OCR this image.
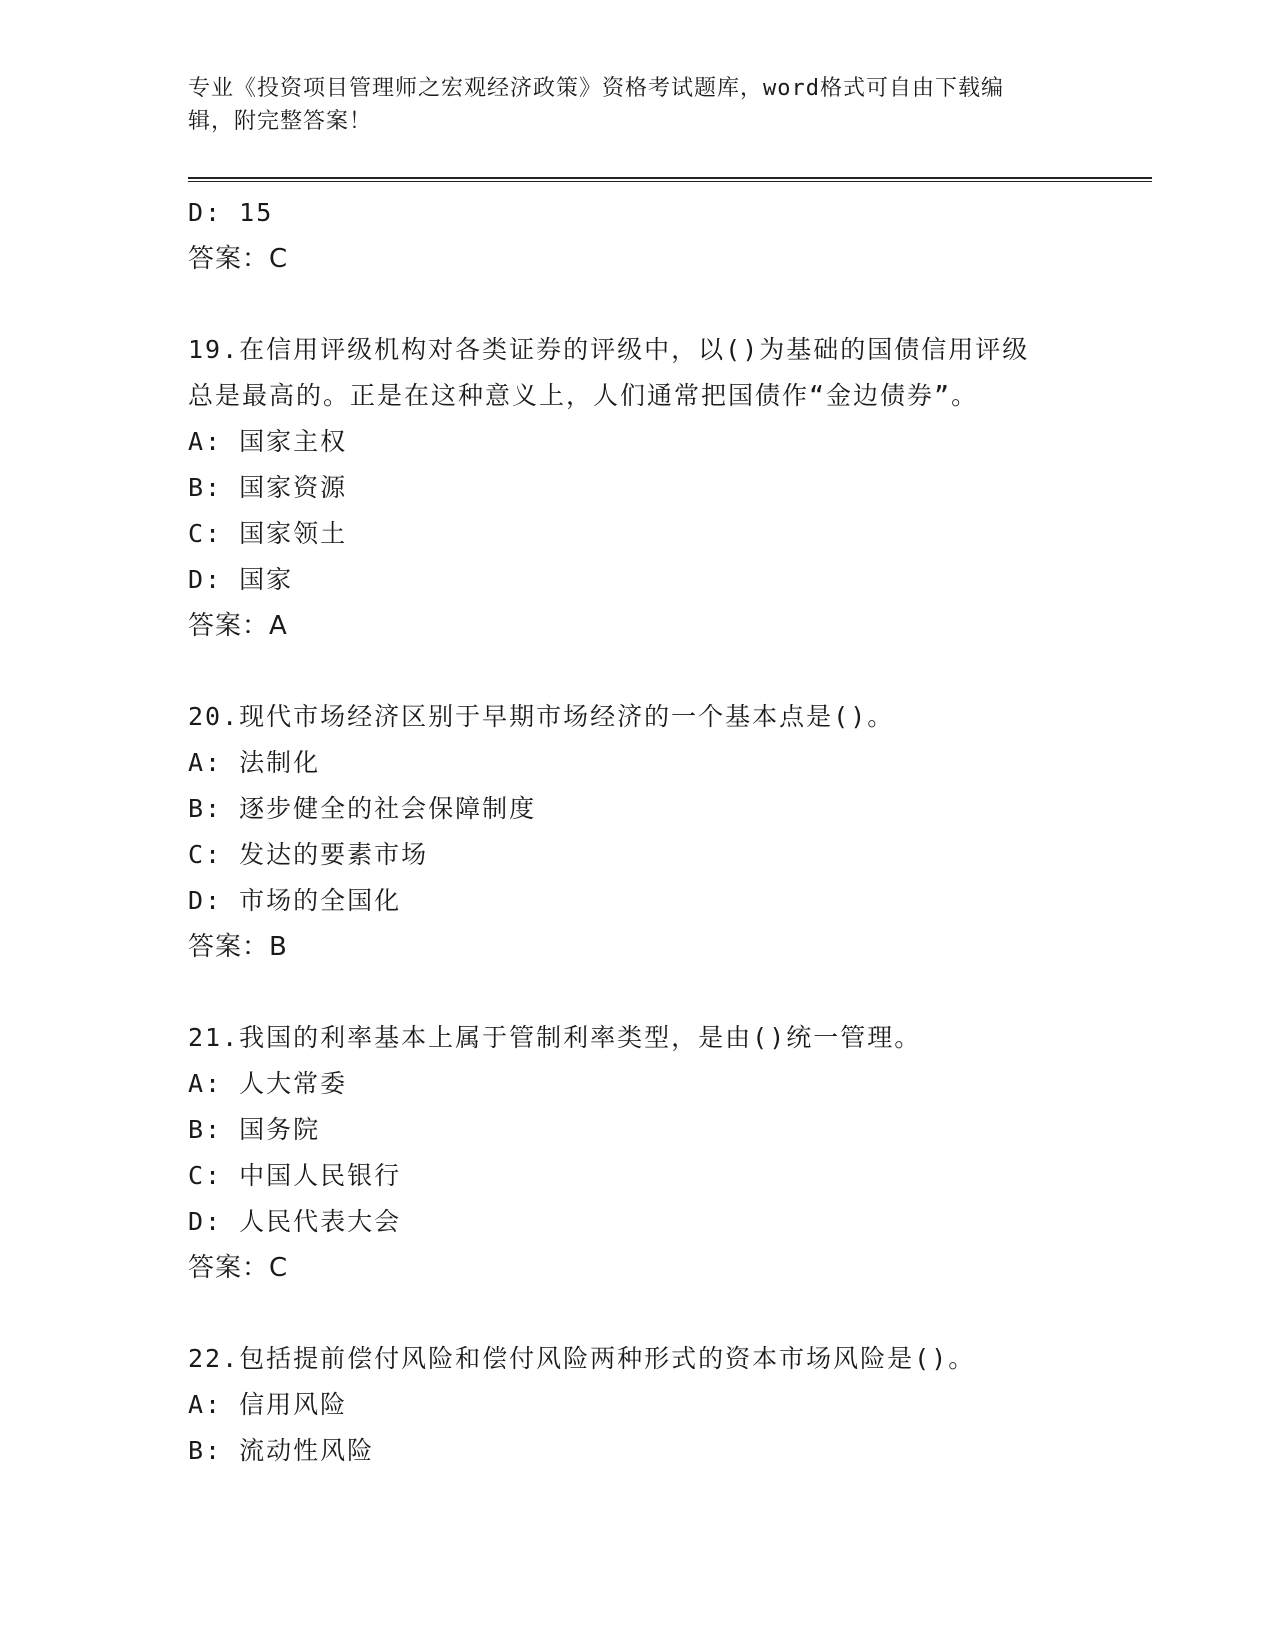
专业《投资项目管理师之宏观经济政策》资格考试题库，word格式可自由下载编
辑，附完整答案！
D: 15
答案：C
19.在信用评级机构对各类证券的评级中，以()为基础的国债信用评级
总是最高的。正是在这种意义上，人们通常把国债作“金边债券”。
A: 国家主权
B: 国家资源
C: 国家领土
D: 国家
答案：A
20.现代市场经济区别于早期市场经济的一个基本点是()。
A: 法制化
B: 逐步健全的社会保障制度
C: 发达的要素市场
D: 市场的全国化
答案：B
21.我国的利率基本上属于管制利率类型，是由()统一管理。
A: 人大常委
B: 国务院
C: 中国人民银行
D: 人民代表大会
答案：C
22.包括提前偿付风险和偿付风险两种形式的资本市场风险是()。
A: 信用风险
B: 流动性风险
